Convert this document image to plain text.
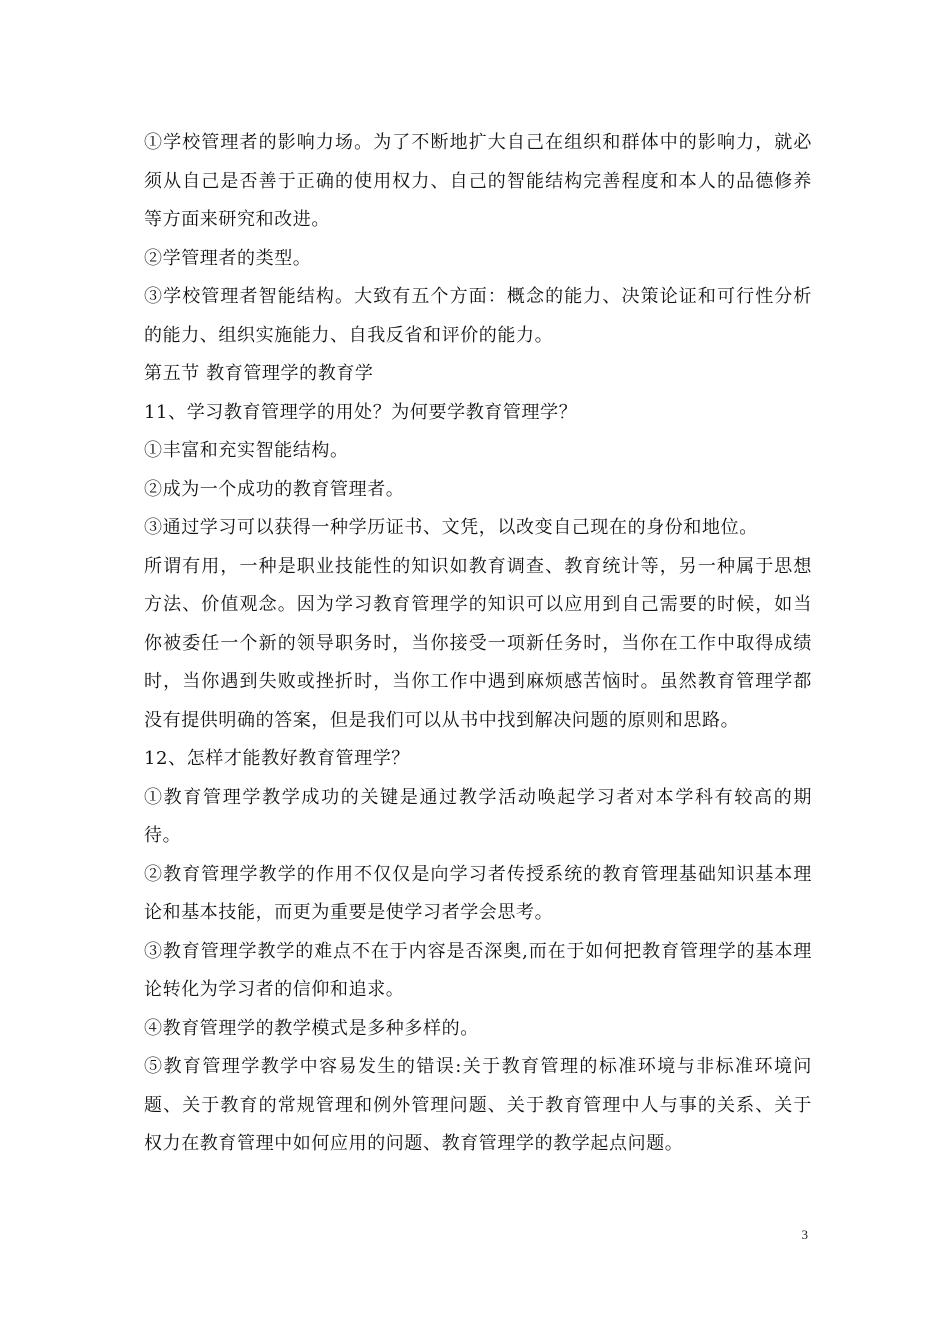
①学校管理者的影响力场。为了不断地扩大自己在组织和群体中的影响力，就必须从自己是否善于正确的使用权力、自己的智能结构完善程度和本人的品德修养等方面来研究和改进。

②学管理者的类型。

③学校管理者智能结构。大致有五个方面：概念的能力、决策论证和可行性分析的能力、组织实施能力、自我反省和评价的能力。

第五节 教育管理学的教育学

11、学习教育管理学的用处？为何要学教育管理学？

①丰富和充实智能结构。

②成为一个成功的教育管理者。

③通过学习可以获得一种学历证书、文凭，以改变自己现在的身份和地位。

所谓有用，一种是职业技能性的知识如教育调查、教育统计等，另一种属于思想方法、价值观念。因为学习教育管理学的知识可以应用到自己需要的时候，如当你被委任一个新的领导职务时，当你接受一项新任务时，当你在工作中取得成绩时，当你遇到失败或挫折时，当你工作中遇到麻烦感苦恼时。虽然教育管理学都没有提供明确的答案，但是我们可以从书中找到解决问题的原则和思路。

12、怎样才能教好教育管理学？

①教育管理学教学成功的关键是通过教学活动唤起学习者对本学科有较高的期待。

②教育管理学教学的作用不仅仅是向学习者传授系统的教育管理基础知识基本理论和基本技能，而更为重要是使学习者学会思考。

③教育管理学教学的难点不在于内容是否深奥,而在于如何把教育管理学的基本理论转化为学习者的信仰和追求。

④教育管理学的教学模式是多种多样的。

⑤教育管理学教学中容易发生的错误:关于教育管理的标准环境与非标准环境问题、关于教育的常规管理和例外管理问题、关于教育管理中人与事的关系、关于权力在教育管理中如何应用的问题、教育管理学的教学起点问题。

3
